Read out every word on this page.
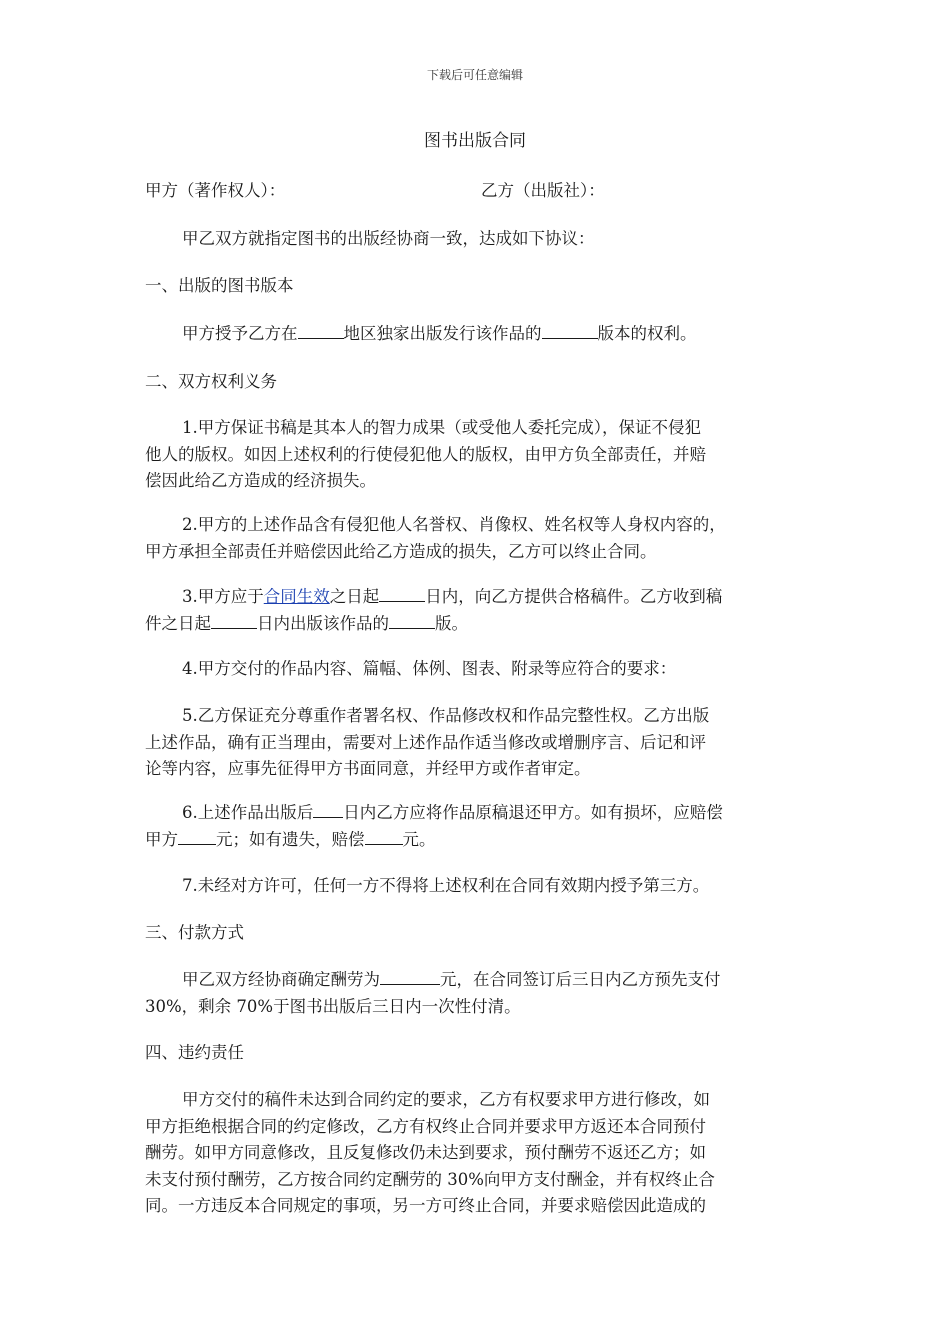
下载后可任意编辑
图书出版合同
甲方（著作权人）：	乙方（出版社）：
甲乙双方就指定图书的出版经协商一致，达成如下协议：
一、出版的图书版本
甲方授予乙方在	地区独家出版发行该作品的	版本的权利。
二、双方权利义务
1.甲方保证书稿是其本人的智力成果（或受他人委托完成），保证不侵犯
他人的版权。如因上述权利的行使侵犯他人的版权，由甲方负全部责任，并赔
偿因此给乙方造成的经济损失。
2.甲方的上述作品含有侵犯他人名誉权、肖像权、姓名权等人身权内容的，
甲方承担全部责任并赔偿因此给乙方造成的损失，乙方可以终止合同。
3.甲方应于合同生效之日起	日内，向乙方提供合格稿件。乙方收到稿
件之日起	日内出版该作品的	版。
4.甲方交付的作品内容、篇幅、体例、图表、附录等应符合的要求：
5.乙方保证充分尊重作者署名权、作品修改权和作品完整性权。乙方出版
上述作品，确有正当理由，需要对上述作品作适当修改或增删序言、后记和评
论等内容，应事先征得甲方书面同意，并经甲方或作者审定。
6.上述作品出版后 日内乙方应将作品原稿退还甲方。如有损坏，应赔偿
甲方 元；如有遗失，赔偿 元。
7.未经对方许可，任何一方不得将上述权利在合同有效期内授予第三方。
三、付款方式
甲乙双方经协商确定酬劳为	元，在合同签订后三日内乙方预先支付
30%，剩余 70%于图书出版后三日内一次性付清。
四、违约责任
甲方交付的稿件未达到合同约定的要求，乙方有权要求甲方进行修改，如
甲方拒绝根据合同的约定修改，乙方有权终止合同并要求甲方返还本合同预付
酬劳。如甲方同意修改，且反复修改仍未达到要求，预付酬劳不返还乙方；如
未支付预付酬劳，乙方按合同约定酬劳的 30%向甲方支付酬金，并有权终止合
同。一方违反本合同规定的事项，另一方可终止合同，并要求赔偿因此造成的
